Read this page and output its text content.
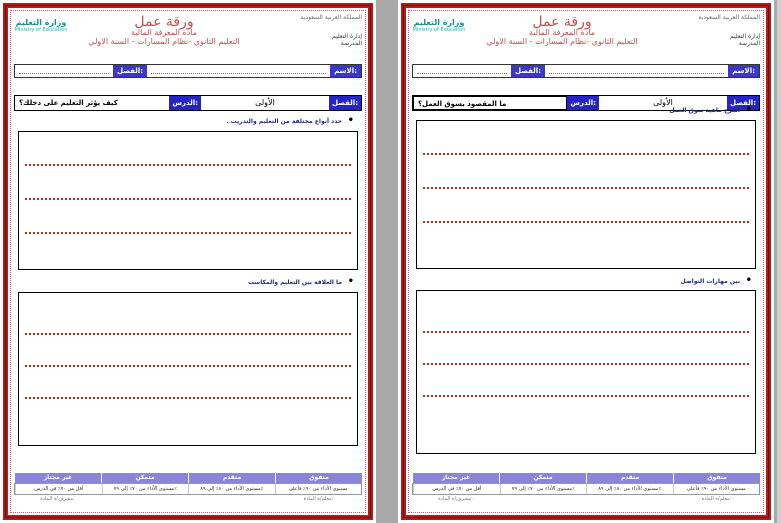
وزارة التعليم
Ministry of Education	ورقة عمل
مادة المعرفة المالية
التعليم الثانوي -نظام المسارات - السنة الاولي
المملكة العربية السعودية
إدارة التعليم
المدرسة
الاسم:
الفصل:
الفصل:
الأولى
الدرس:
كيف يؤثر التعليم على دخلك؟
• حدد أنواع مختلفة من التعليم والتدريب .
• ما العلاقة بين التعليم والمكاسب
متفوق
متقدم
متمكن
غير مجتاز
مستوى الأداء من ٩٠٪ فأعلى
مستوى الأداء من ٨٠٪ إلى ٨٩٪
مستوى الأداء من ٧٠٪ إلى ٧٩٪
أقل من ٧٠٪ في الدرس
معلم/ة المادة:
مشرف/ة المادة:
وزارة التعليم
Ministry of Education	ورقة عمل
مادة المعرفة المالية
التعليم الثانوي -نظام المسارات - السنة الاولي
المملكة العربية السعودية
إدارة التعليم
المدرسة
الاسم:
الفصل:
الفصل:
الأولى
الدرس:
ما المقصود بسوق العمل؟
• اشرح ماهية سوق العمل
• بين مهارات التواصل
متفوق
متقدم
متمكن
غير مجتاز
مستوى الأداء من ٩٠٪ فأعلى
مستوى الأداء من ٨٠٪ إلى ٨٩٪
مستوى الأداء من ٧٠٪ إلى ٧٩٪
أقل من ٧٠٪ في الدرس
معلم/ة المادة:
مشرف/ة المادة:
